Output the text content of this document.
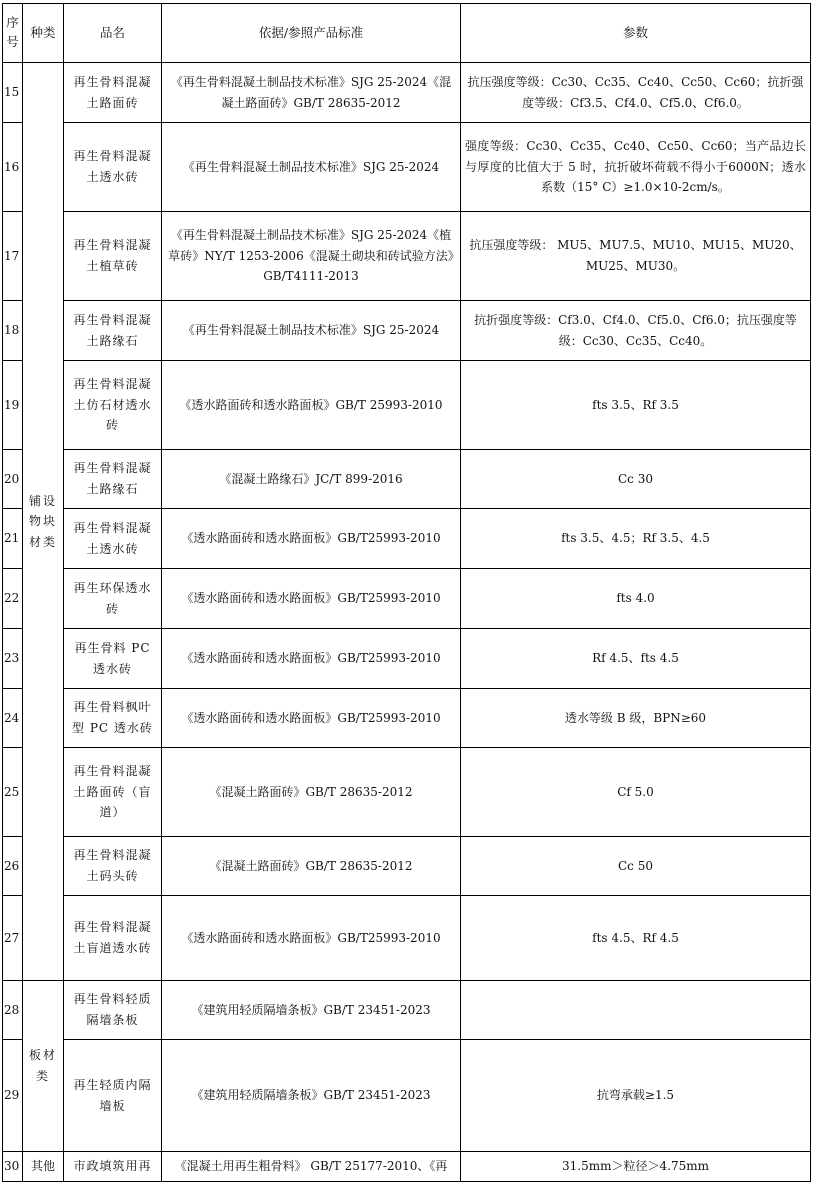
序号	种类	品名	依据/参照产品标准	参数
15	铺设物块材类	再生骨料混凝土路面砖	《再生骨料混凝土制品技术标准》SJG 25-2024《混凝土路面砖》GB/T 28635-2012	抗压强度等级：Cc30、Cc35、Cc40、Cc50、Cc60；抗折强度等级：Cf3.5、Cf4.0、Cf5.0、Cf6.0。
16		再生骨料混凝土透水砖	《再生骨料混凝土制品技术标准》SJG 25-2024	强度等级：Cc30、Cc35、Cc40、Cc50、Cc60；当产品边长与厚度的比值大于 5 时，抗折破坏荷载不得小于6000N；透水系数（15° C）≥1.0×10-2cm/s。
17		再生骨料混凝土植草砖	《再生骨料混凝土制品技术标准》SJG 25-2024《植草砖》NY/T 1253-2006《混凝土砌块和砖试验方法》GB/T4111-2013	抗压强度等级： MU5、MU7.5、MU10、MU15、MU20、MU25、MU30。
18		再生骨料混凝土路缘石	《再生骨料混凝土制品技术标准》SJG 25-2024	抗折强度等级：Cf3.0、Cf4.0、Cf5.0、Cf6.0；抗压强度等级：Cc30、Cc35、Cc40。
19		再生骨料混凝土仿石材透水砖	《透水路面砖和透水路面板》GB/T 25993-2010	fts 3.5、Rf 3.5
20		再生骨料混凝土路缘石	《混凝土路缘石》JC/T 899-2016	Cc 30
21		再生骨料混凝土透水砖	《透水路面砖和透水路面板》GB/T25993-2010	fts 3.5、4.5；Rf 3.5、4.5
22		再生环保透水砖	《透水路面砖和透水路面板》GB/T25993-2010	fts 4.0
23		再生骨料 PC透水砖	《透水路面砖和透水路面板》GB/T25993-2010	Rf 4.5、fts 4.5
24		再生骨料枫叶型 PC 透水砖	《透水路面砖和透水路面板》GB/T25993-2010	透水等级 B 级，BPN≥60
25		再生骨料混凝土路面砖（盲道）	《混凝土路面砖》GB/T 28635-2012	Cf 5.0
26		再生骨料混凝土码头砖	《混凝土路面砖》GB/T 28635-2012	Cc 50
27		再生骨料混凝土盲道透水砖	《透水路面砖和透水路面板》GB/T25993-2010	fts 4.5、Rf 4.5
28	板材类	再生骨料轻质隔墙条板	《建筑用轻质隔墙条板》GB/T 23451-2023	
29		再生轻质内隔墙板	《建筑用轻质隔墙条板》GB/T 23451-2023	抗弯承载≥1.5
30	其他	市政填筑用再	《混凝土用再生粗骨料》 GB/T 25177-2010、《再	31.5mm＞粒径＞4.75mm
